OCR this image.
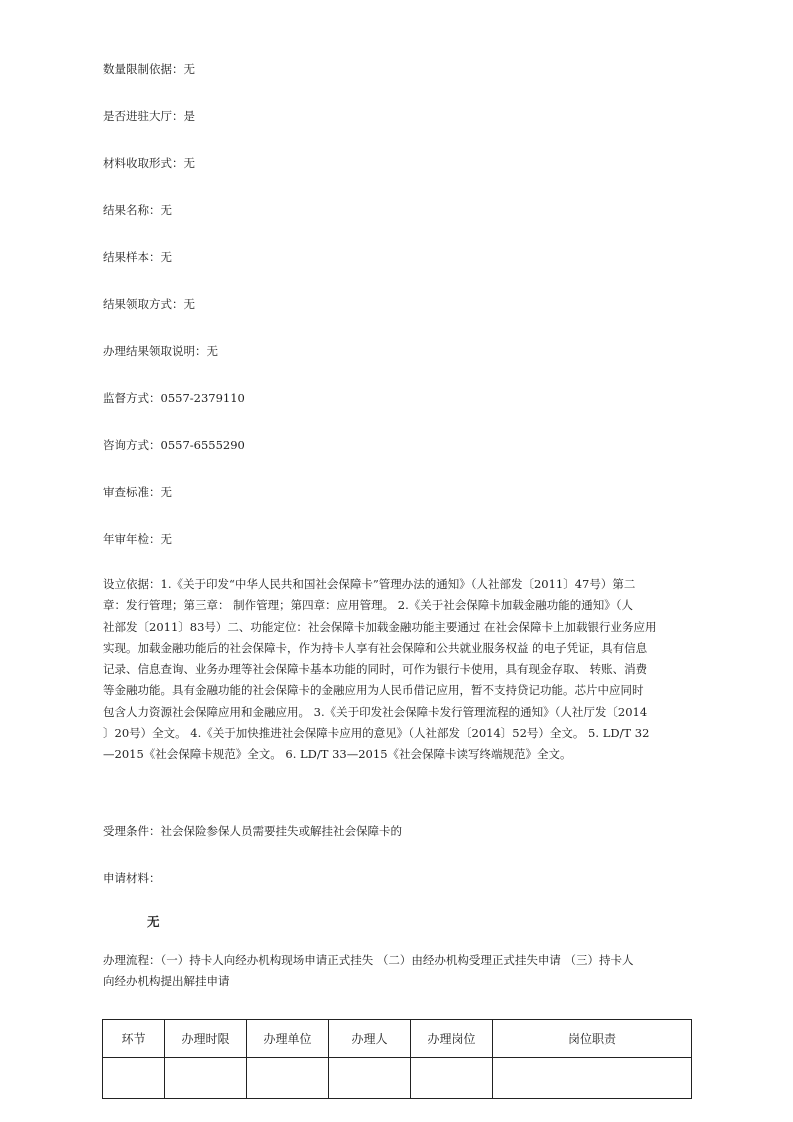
数量限制依据：无
是否进驻大厅：是
材料收取形式：无
结果名称：无
结果样本：无
结果领取方式：无
办理结果领取说明：无
监督方式：0557-2379110
咨询方式：0557-6555290
审查标准：无
年审年检：无
设立依据：1.《关于印发“中华人民共和国社会保障卡”管理办法的通知》（人社部发〔2011〕47号）第二
章：发行管理；第三章： 制作管理；第四章：应用管理。 2.《关于社会保障卡加载金融功能的通知》（人
社部发〔2011〕83号）二、功能定位：社会保障卡加载金融功能主要通过 在社会保障卡上加载银行业务应用
实现。加载金融功能后的社会保障卡，作为持卡人享有社会保障和公共就业服务权益 的电子凭证，具有信息
记录、信息查询、业务办理等社会保障卡基本功能的同时，可作为银行卡使用，具有现金存取、 转账、消费
等金融功能。具有金融功能的社会保障卡的金融应用为人民币借记应用，暂不支持贷记功能。芯片中应同时
包含人力资源社会保障应用和金融应用。 3.《关于印发社会保障卡发行管理流程的通知》（人社厅发〔2014
〕20号）全文。 4.《关于加快推进社会保障卡应用的意见》（人社部发〔2014〕52号）全文。 5. LD/T 32
—2015《社会保障卡规范》全文。 6. LD/T 33—2015《社会保障卡读写终端规范》全文。
受理条件：社会保险参保人员需要挂失或解挂社会保障卡的
申请材料：
无
办理流程：（一）持卡人向经办机构现场申请正式挂失 （二）由经办机构受理正式挂失申请 （三）持卡人
向经办机构提出解挂申请
环节	办理时限	办理单位	办理人	办理岗位	岗位职责
